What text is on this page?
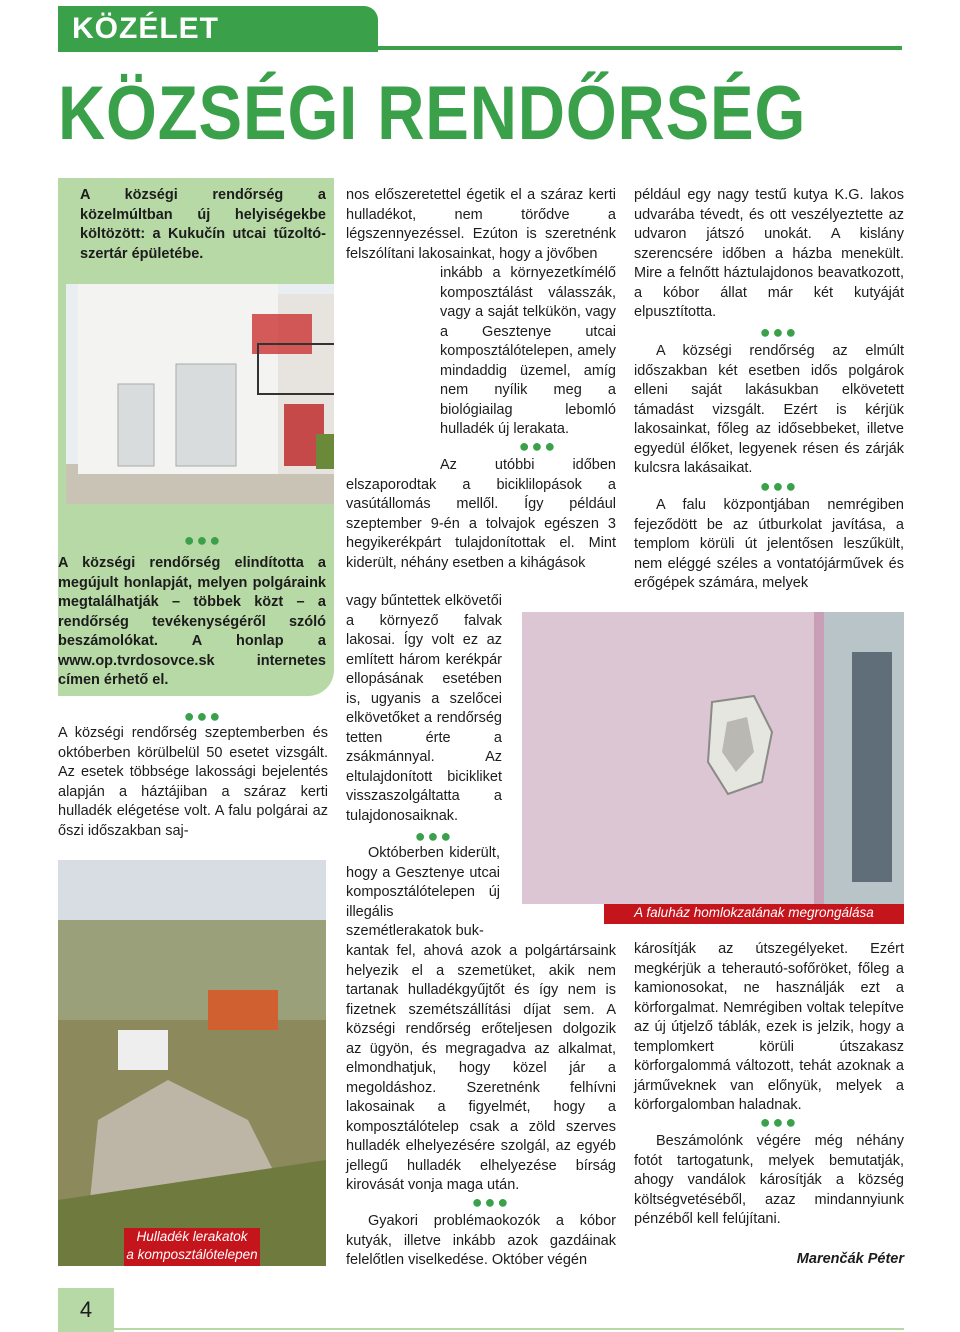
KÖZÉLET
KÖZSÉGI RENDŐRSÉG
A községi rendőrség a közelmúltban új helyiségekbe költözött: a Kukučín utcai tűzoltó-szertár épületébe.
●●●
A községi rendőrség elindította a megújult honlapját, melyen polgáraink megtalálhatják – többek közt – a rendőrség tevékenységéről szóló beszámolókat. A honlap a www.op.tvrdosovce.sk internetes címen érhető el.
●●●
A községi rendőrség szeptemberben és októberben körülbelül 50 esetet vizsgált. Az esetek többsége lakossági bejelentés alapján a háztájiban a száraz kerti hulladék elégetése volt. A falu polgárai az őszi időszakban saj-
Hulladék lerakatok
a komposztálótelepen
nos előszeretettel égetik el a száraz kerti hulladékot, nem törődve a légszennyezéssel. Ezúton is szeretnénk felszólítani lakosainkat, hogy a jövőben
inkább a környezetkímélő komposztálást válasszák, vagy a saját telkükön, vagy a Gesztenye utcai komposztálótelepen, amely mindaddig üzemel, amíg nem nyílik meg a biológiailag lebomló hulladék új lerakata.
●●●
Az utóbbi időben elszaporodtak a biciklilopások a vasútállomás mellől. Így például szeptember 9-én a tolvajok egészen 3 hegyikerékpárt tulajdonítottak el. Mint kiderült, néhány esetben a kihágások
vagy bűntettek elkövetői a környező falvak lakosai. Így volt ez az említett három kerékpár ellopásának esetében is, ugyanis a szelőcei elkövetőket a rendőrség tetten érte a zsákmánnyal. Az eltulajdonított bicikliket visszaszolgáltatta a tulajdonosaiknak.
●●●
Októberben kiderült, hogy a Gesztenye utcai komposztálótelepen új illegális szemétlerakatok buk-
kantak fel, ahová azok a polgártársaink helyezik el a szemetüket, akik nem tartanak hulladékgyűjtőt és így nem is fizetnek szemétszállítási díjat sem. A községi rendőrség erőteljesen dolgozik az ügyön, és megragadva az alkalmat, elmondhatjuk, hogy közel jár a megoldáshoz. Szeretnénk felhívni lakosainak a figyelmét, hogy a komposztálótelep csak a zöld szerves hulladék elhelyezésére szolgál, az egyéb jellegű hulladék elhelyezése bírság kirovását vonja maga után.
●●●
Gyakori problémaokozók a kóbor kutyák, illetve inkább azok gazdáinak felelőtlen viselkedése. Október végén
például egy nagy testű kutya K.G. lakos udvarába tévedt, és ott veszélyeztette az udvaron játszó unokát. A kislány szerencsére időben a házba menekült. Mire a felnőtt háztulajdonos beavatkozott, a kóbor állat már két kutyáját elpusztította.
●●●
A községi rendőrség az elmúlt időszakban két esetben idős polgárok elleni saját lakásukban elkövetett támadást vizsgált. Ezért is kérjük lakosainkat, főleg az idősebbeket, illetve egyedül élőket, legyenek résen és zárják kulcsra lakásaikat.
●●●
A falu központjában nemrégiben fejeződött be az útburkolat javítása, a templom körüli út jelentősen leszűkült, nem eléggé széles a vontatójárművek és erőgépek számára, melyek
A faluház homlokzatának megrongálása
károsítják az útszegélyeket. Ezért megkérjük a teherautó-sofőröket, főleg a kamionosokat, ne használják ezt a körforgalmat. Nemrégiben voltak telepítve az új útjelző táblák, ezek is jelzik, hogy a templomkert körüli útszakasz körforgalommá változott, tehát azoknak a járműveknek van előnyük, melyek a körforgalomban haladnak.
●●●
Beszámolónk végére még néhány fotót tartogatunk, melyek bemutatják, ahogy vandálok károsítják a község költségvetéséből, azaz mindannyiunk pénzéből kell felújítani.
Marenčák Péter
4
